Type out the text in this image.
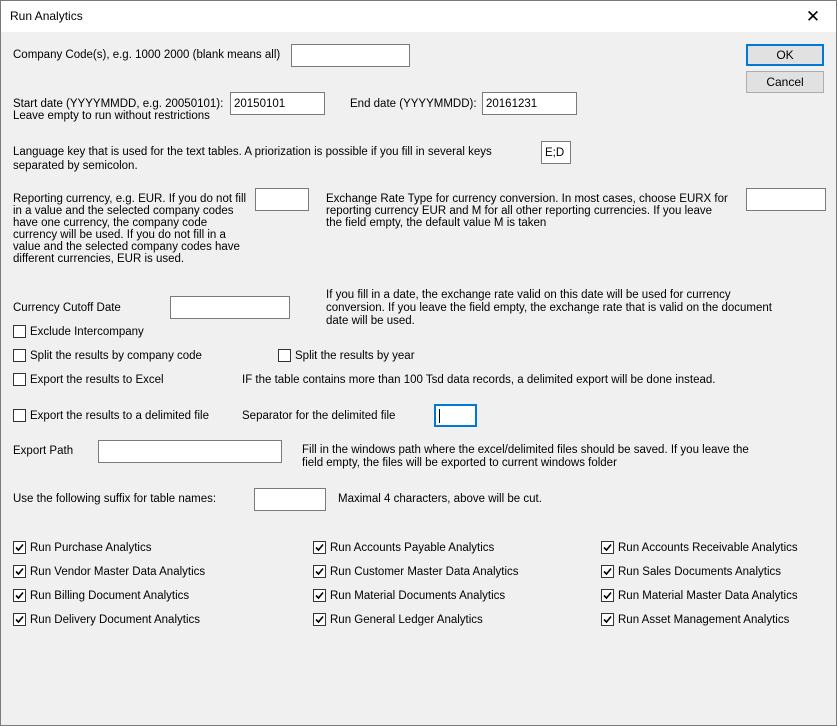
Run Analytics	✕
OK
Cancel
Company Code(s), e.g. 1000 2000 (blank means all)
Start date (YYYYMMDD, e.g. 20050101):
Leave empty to run without restrictions
20150101
End date (YYYYMMDD):
20161231
Language key that is used for the text tables. A priorization is possible if you fill in several keys separated by semicolon.
E;D
Reporting currency, e.g. EUR. If you do not fill in a value and the selected company codes have one currency, the company code currency will be used. If you do not fill in a value and the selected company codes have different currencies, EUR is used.
Exchange Rate Type for currency conversion. In most cases, choose EURX for reporting currency EUR and M for all other reporting currencies. If you leave the field empty, the default value M is taken
Currency Cutoff Date
If you fill in a date, the exchange rate valid on this date will be used for currency conversion. If you leave the field empty, the exchange rate that is valid on the document date will be used.
Exclude Intercompany
Split the results by company code	Split the results by year
Export the results to Excel	IF the table contains more than 100 Tsd data records, a delimited export will be done instead.
Export the results to a delimited file	Separator for the delimited file
Export Path	Fill in the windows path where the excel/delimited files should be saved. If you leave the field empty, the files will be exported to current windows folder
Use the following suffix for table names:	Maximal 4 characters, above will be cut.
Run Purchase Analytics	Run Accounts Payable Analytics	Run Accounts Receivable Analytics
Run Vendor Master Data Analytics	Run Customer Master Data Analytics	Run Sales Documents Analytics
Run Billing Document Analytics	Run Material Documents Analytics	Run Material Master Data Analytics
Run Delivery Document Analytics	Run General Ledger Analytics	Run Asset Management Analytics
